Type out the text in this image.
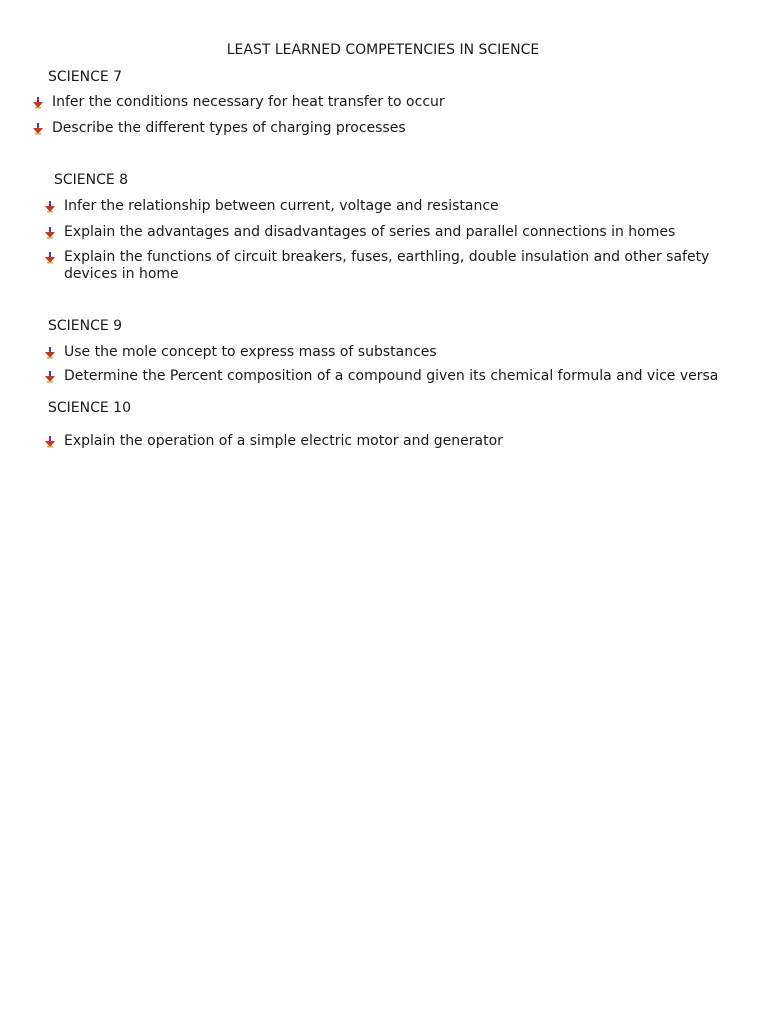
LEAST LEARNED COMPETENCIES IN SCIENCE
SCIENCE 7
Infer the conditions necessary for heat transfer to occur
Describe the different types of charging processes
SCIENCE 8
Infer the relationship between current, voltage and resistance
Explain the advantages and disadvantages of series and parallel connections in homes
Explain the functions of circuit breakers, fuses, earthling, double insulation and other safety devices in home
SCIENCE 9
Use the mole concept to express mass of substances
Determine the Percent composition of a compound given its chemical formula and vice versa
SCIENCE 10
Explain the operation of a simple electric motor and generator
